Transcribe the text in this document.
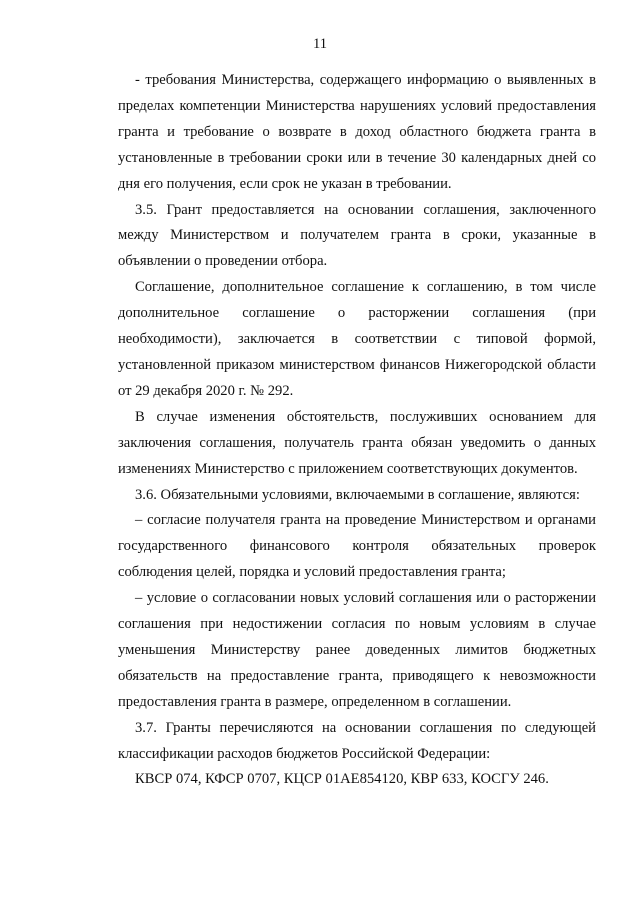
11

- требования Министерства, содержащего информацию о выявленных в пределах компетенции Министерства нарушениях условий предоставления гранта и требование о возврате в доход областного бюджета гранта в установленные в требовании сроки или в течение 30 календарных дней со дня его получения, если срок не указан в требовании.

3.5. Грант предоставляется на основании соглашения, заключенного между Министерством и получателем гранта в сроки, указанные в объявлении о проведении отбора.

Соглашение, дополнительное соглашение к соглашению, в том числе дополнительное соглашение о расторжении соглашения (при необходимости), заключается в соответствии с типовой формой, установленной приказом министерством финансов Нижегородской области от 29 декабря 2020 г. № 292.

В случае изменения обстоятельств, послуживших основанием для заключения соглашения, получатель гранта обязан уведомить о данных изменениях Министерство с приложением соответствующих документов.

3.6. Обязательными условиями, включаемыми в соглашение, являются:

– согласие получателя гранта на проведение Министерством и органами государственного финансового контроля обязательных проверок соблюдения целей, порядка и условий предоставления гранта;

– условие о согласовании новых условий соглашения или о расторжении соглашения при недостижении согласия по новым условиям в случае уменьшения Министерству ранее доведенных лимитов бюджетных обязательств на предоставление гранта, приводящего к невозможности предоставления гранта в размере, определенном в соглашении.

3.7. Гранты перечисляются на основании соглашения по следующей классификации расходов бюджетов Российской Федерации:

КВСР 074, КФСР 0707, КЦСР 01АЕ854120, КВР 633, КОСГУ 246.
